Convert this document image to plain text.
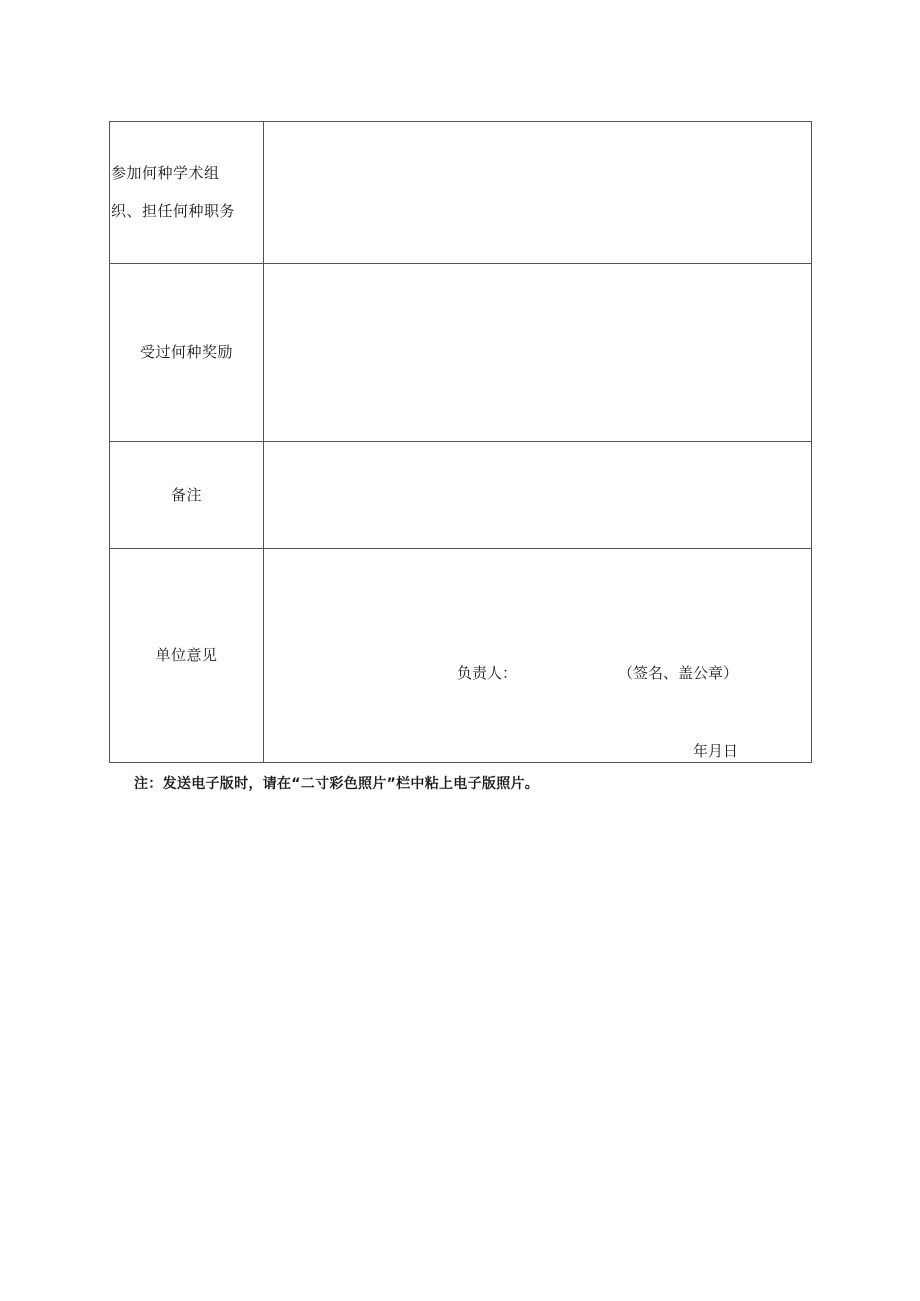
参加何种学术组
织、担任何种职务	

受过何种奖励	
备注	
单位意见	负责人： （签名、盖公章）
年月日
注：发送电子版时，请在“二寸彩色照片”栏中粘上电子版照片。
